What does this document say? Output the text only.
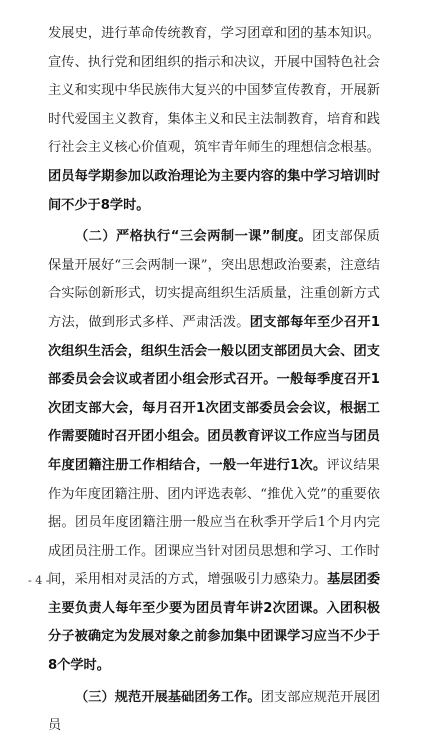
发展史，进行革命传统教育，学习团章和团的基本知识。宣传、执行党和团组织的指示和决议，开展中国特色社会主义和实现中华民族伟大复兴的中国梦宣传教育，开展新时代爱国主义教育，集体主义和民主法制教育，培育和践行社会主义核心价值观，筑牢青年师生的理想信念根基。团员每学期参加以政治理论为主要内容的集中学习培训时间不少于8学时。

（二）严格执行“三会两制一课”制度。团支部保质保量开展好“三会两制一课”，突出思想政治要素，注意结合实际创新形式，切实提高组织生活质量，注重创新方式方法，做到形式多样、严肃活泼。团支部每年至少召开1次组织生活会，组织生活会一般以团支部团员大会、团支部委员会会议或者团小组会形式召开。一般每季度召开1次团支部大会，每月召开1次团支部委员会会议，根据工作需要随时召开团小组会。团员教育评议工作应当与团员年度团籍注册工作相结合，一般一年进行1次。评议结果作为年度团籍注册、团内评选表彰、“推优入党”的重要依据。团员年度团籍注册一般应当在秋季开学后1个月内完成团员注册工作。团课应当针对团员思想和学习、工作时间，采用相对灵活的方式，增强吸引力感染力。基层团委主要负责人每年至少要为团员青年讲2次团课。入团积极分子被确定为发展对象之前参加集中团课学习应当不少于8个学时。

（三）规范开展基础团务工作。团支部应规范开展团员

- 4 -
